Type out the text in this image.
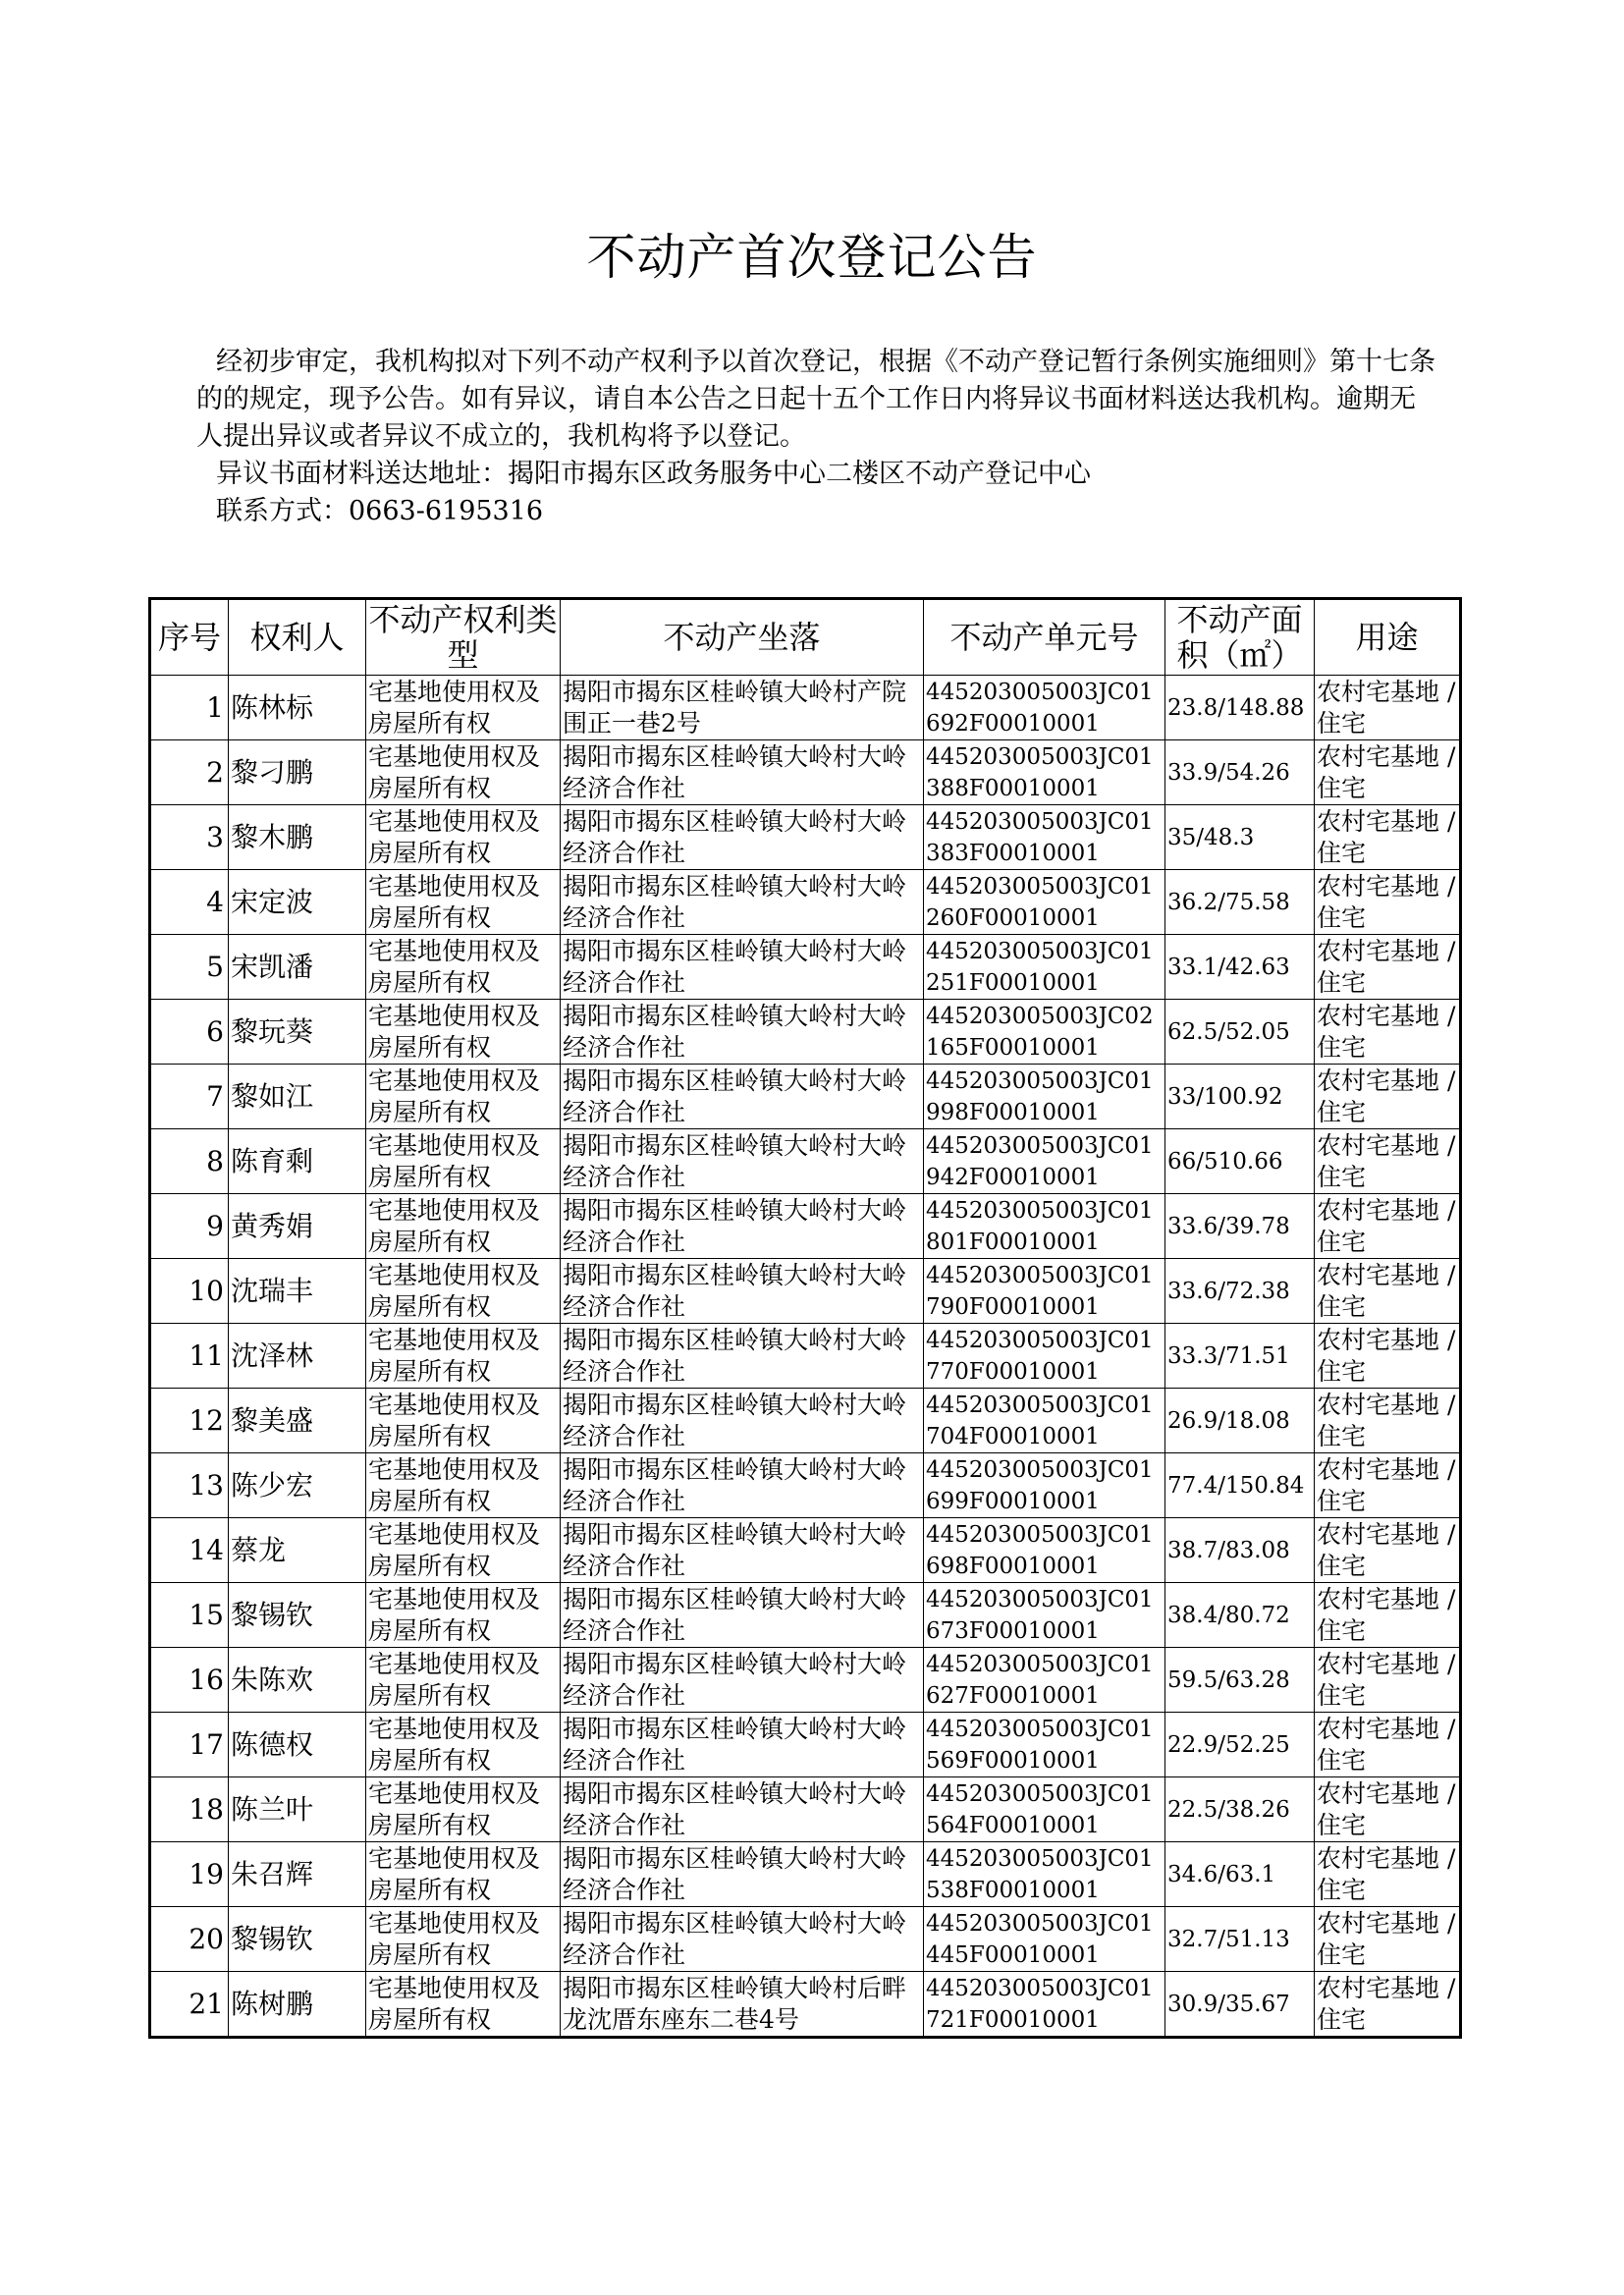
不动产首次登记公告

经初步审定，我机构拟对下列不动产权利予以首次登记，根据《不动产登记暂行条例实施细则》第十七条的的规定，现予公告。如有异议，请自本公告之日起十五个工作日内将异议书面材料送达我机构。逾期无人提出异议或者异议不成立的，我机构将予以登记。

异议书面材料送达地址：揭阳市揭东区政务服务中心二楼区不动产登记中心

联系方式：0663-6195316

序号	权利人	不动产权利类型	不动产坐落	不动产单元号	不动产面积（㎡）	用途
1	陈林标	宅基地使用权及房屋所有权	揭阳市揭东区桂岭镇大岭村产院围正一巷2号	445203005003JC01692F00010001	23.8/148.88	农村宅基地 / 住宅
2	黎刁鹏	宅基地使用权及房屋所有权	揭阳市揭东区桂岭镇大岭村大岭经济合作社	445203005003JC01388F00010001	33.9/54.26	农村宅基地 / 住宅
3	黎木鹏	宅基地使用权及房屋所有权	揭阳市揭东区桂岭镇大岭村大岭经济合作社	445203005003JC01383F00010001	35/48.3	农村宅基地 / 住宅
4	宋定波	宅基地使用权及房屋所有权	揭阳市揭东区桂岭镇大岭村大岭经济合作社	445203005003JC01260F00010001	36.2/75.58	农村宅基地 / 住宅
5	宋凯潘	宅基地使用权及房屋所有权	揭阳市揭东区桂岭镇大岭村大岭经济合作社	445203005003JC01251F00010001	33.1/42.63	农村宅基地 / 住宅
6	黎玩葵	宅基地使用权及房屋所有权	揭阳市揭东区桂岭镇大岭村大岭经济合作社	445203005003JC02165F00010001	62.5/52.05	农村宅基地 / 住宅
7	黎如江	宅基地使用权及房屋所有权	揭阳市揭东区桂岭镇大岭村大岭经济合作社	445203005003JC01998F00010001	33/100.92	农村宅基地 / 住宅
8	陈育剩	宅基地使用权及房屋所有权	揭阳市揭东区桂岭镇大岭村大岭经济合作社	445203005003JC01942F00010001	66/510.66	农村宅基地 / 住宅
9	黄秀娟	宅基地使用权及房屋所有权	揭阳市揭东区桂岭镇大岭村大岭经济合作社	445203005003JC01801F00010001	33.6/39.78	农村宅基地 / 住宅
10	沈瑞丰	宅基地使用权及房屋所有权	揭阳市揭东区桂岭镇大岭村大岭经济合作社	445203005003JC01790F00010001	33.6/72.38	农村宅基地 / 住宅
11	沈泽林	宅基地使用权及房屋所有权	揭阳市揭东区桂岭镇大岭村大岭经济合作社	445203005003JC01770F00010001	33.3/71.51	农村宅基地 / 住宅
12	黎美盛	宅基地使用权及房屋所有权	揭阳市揭东区桂岭镇大岭村大岭经济合作社	445203005003JC01704F00010001	26.9/18.08	农村宅基地 / 住宅
13	陈少宏	宅基地使用权及房屋所有权	揭阳市揭东区桂岭镇大岭村大岭经济合作社	445203005003JC01699F00010001	77.4/150.84	农村宅基地 / 住宅
14	蔡龙	宅基地使用权及房屋所有权	揭阳市揭东区桂岭镇大岭村大岭经济合作社	445203005003JC01698F00010001	38.7/83.08	农村宅基地 / 住宅
15	黎锡钦	宅基地使用权及房屋所有权	揭阳市揭东区桂岭镇大岭村大岭经济合作社	445203005003JC01673F00010001	38.4/80.72	农村宅基地 / 住宅
16	朱陈欢	宅基地使用权及房屋所有权	揭阳市揭东区桂岭镇大岭村大岭经济合作社	445203005003JC01627F00010001	59.5/63.28	农村宅基地 / 住宅
17	陈德权	宅基地使用权及房屋所有权	揭阳市揭东区桂岭镇大岭村大岭经济合作社	445203005003JC01569F00010001	22.9/52.25	农村宅基地 / 住宅
18	陈兰叶	宅基地使用权及房屋所有权	揭阳市揭东区桂岭镇大岭村大岭经济合作社	445203005003JC01564F00010001	22.5/38.26	农村宅基地 / 住宅
19	朱召辉	宅基地使用权及房屋所有权	揭阳市揭东区桂岭镇大岭村大岭经济合作社	445203005003JC01538F00010001	34.6/63.1	农村宅基地 / 住宅
20	黎锡钦	宅基地使用权及房屋所有权	揭阳市揭东区桂岭镇大岭村大岭经济合作社	445203005003JC01445F00010001	32.7/51.13	农村宅基地 / 住宅
21	陈树鹏	宅基地使用权及房屋所有权	揭阳市揭东区桂岭镇大岭村后畔龙沈厝东座东二巷4号	445203005003JC01721F00010001	30.9/35.67	农村宅基地 / 住宅
